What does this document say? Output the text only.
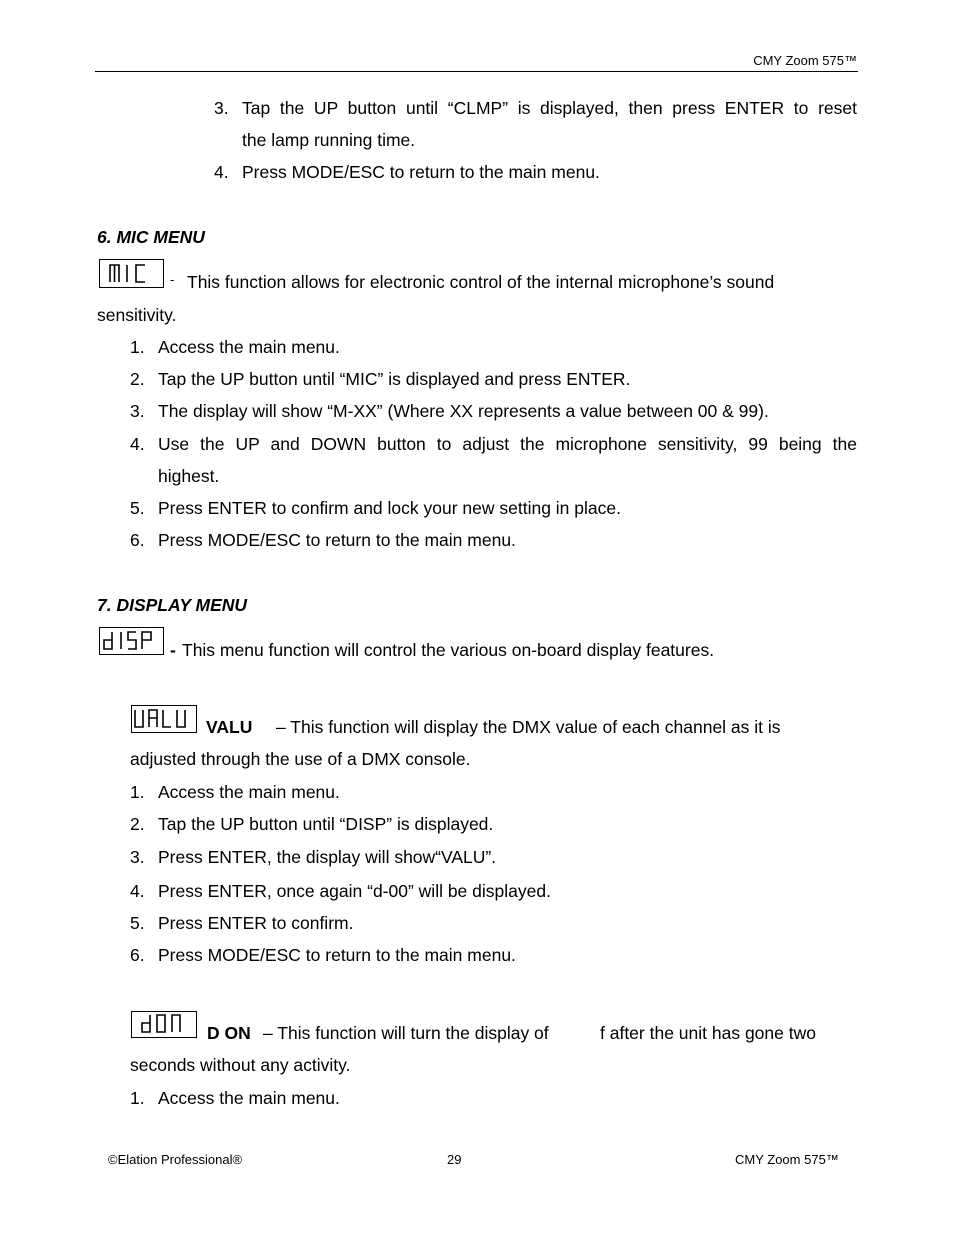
CMY Zoom 575™
3. Tap the UP button until “CLMP” is displayed, then press ENTER to reset
the lamp running time.
4. Press MODE/ESC to return to the main menu.
6. MIC MENU
- This function allows for electronic control of the internal microphone’s sound
sensitivity.
1. Access the main menu.
2. Tap the UP button until “MIC” is displayed and press ENTER.
3. The display will show “M-XX” (Where XX represents a value between 00 & 99).
4. Use the UP and DOWN button to adjust the microphone sensitivity, 99 being the
highest.
5. Press ENTER to confirm and lock your new setting in place.
6. Press MODE/ESC to return to the main menu.
7. DISPLAY MENU
- This menu function will control the various on-board display features.
VALU – This function will display the DMX value of each channel as it is
adjusted through the use of a DMX console.
1. Access the main menu.
2. Tap the UP button until “DISP” is displayed.
3. Press ENTER, the display will show“VALU”.
4. Press ENTER, once again “d-00” will be displayed.
5. Press ENTER to confirm.
6. Press MODE/ESC to return to the main menu.
D ON – This function will turn the display of	f after the unit has gone two
seconds without any activity.
1. Access the main menu.
©Elation Professional®	29	CMY Zoom 575™
